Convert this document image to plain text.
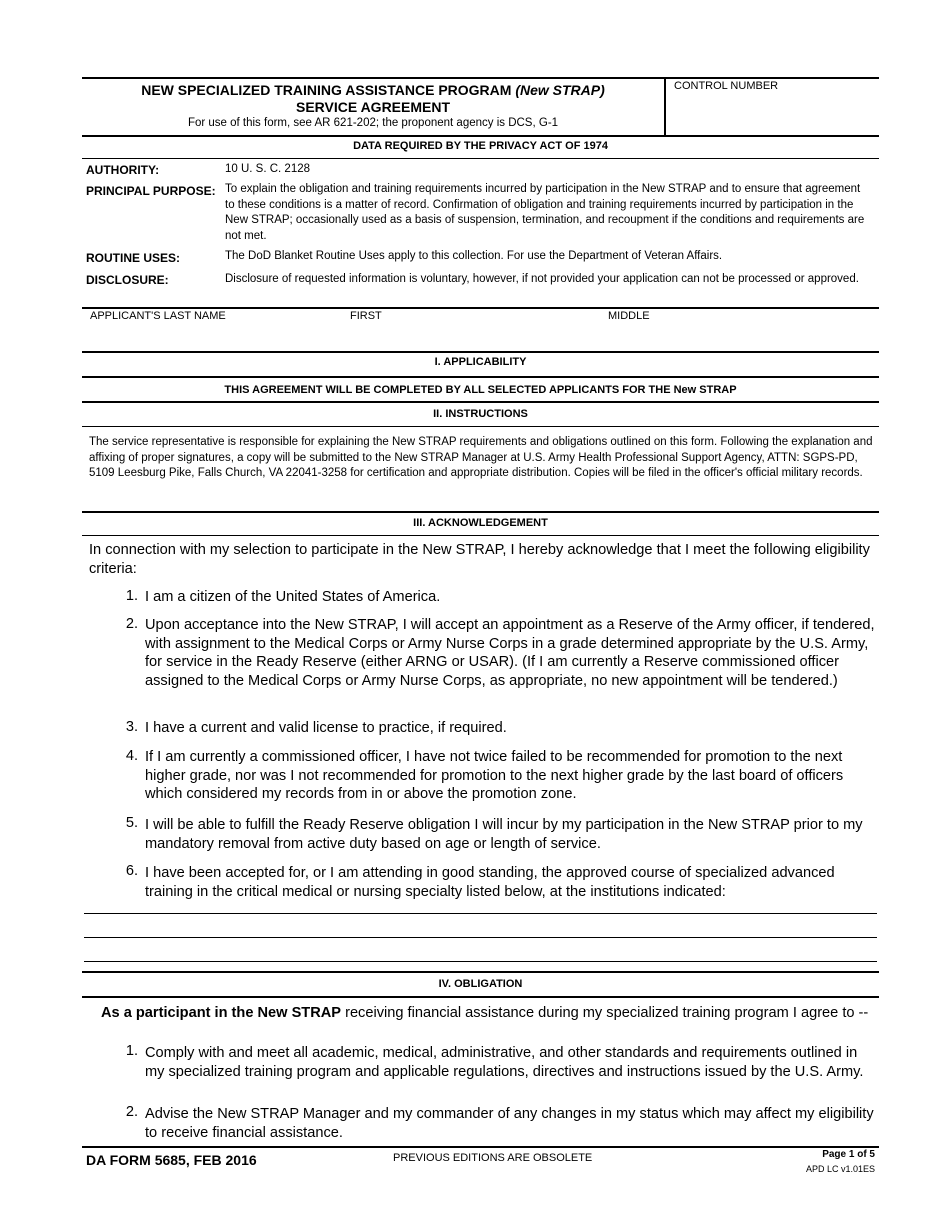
NEW SPECIALIZED TRAINING ASSISTANCE PROGRAM (New STRAP)
SERVICE AGREEMENT
For use of this form, see AR 621-202; the proponent agency is DCS, G-1
CONTROL NUMBER
DATA REQUIRED BY THE PRIVACY ACT OF 1974
AUTHORITY:	10 U. S. C. 2128
PRINCIPAL PURPOSE: To explain the obligation and training requirements incurred by participation in the New STRAP and to ensure that agreement to these conditions is a matter of record. Confirmation of obligation and training requirements incurred by participation in the New STRAP; occasionally used as a basis of suspension, termination, and recoupment if the conditions and requirements are not met.
ROUTINE USES:	The DoD Blanket Routine Uses apply to this collection. For use the Department of Veteran Affairs.
DISCLOSURE:	Disclosure of requested information is voluntary, however, if not provided your application can not be processed or approved.
APPLICANT'S LAST NAME	FIRST	MIDDLE
I. APPLICABILITY
THIS AGREEMENT WILL BE COMPLETED BY ALL SELECTED APPLICANTS FOR THE New STRAP
II. INSTRUCTIONS
The service representative is responsible for explaining the New STRAP requirements and obligations outlined on this form. Following the explanation and affixing of proper signatures, a copy will be submitted to the New STRAP Manager at U.S. Army Health Professional Support Agency, ATTN: SGPS-PD, 5109 Leesburg Pike, Falls Church, VA 22041-3258 for certification and appropriate distribution. Copies will be filed in the officer's official military records.
III. ACKNOWLEDGEMENT
In connection with my selection to participate in the New STRAP, I hereby acknowledge that I meet the following eligibility criteria:
1. I am a citizen of the United States of America.
2. Upon acceptance into the New STRAP, I will accept an appointment as a Reserve of the Army officer, if tendered, with assignment to the Medical Corps or Army Nurse Corps in a grade determined appropriate by the U.S. Army, for service in the Ready Reserve (either ARNG or USAR). (If I am currently a Reserve commissioned officer assigned to the Medical Corps or Army Nurse Corps, as appropriate, no new appointment will be tendered.)
3. I have a current and valid license to practice, if required.
4. If I am currently a commissioned officer, I have not twice failed to be recommended for promotion to the next higher grade, nor was I not recommended for promotion to the next higher grade by the last board of officers which considered my records from in or above the promotion zone.
5. I will be able to fulfill the Ready Reserve obligation I will incur by my participation in the New STRAP prior to my mandatory removal from active duty based on age or length of service.
6. I have been accepted for, or I am attending in good standing, the approved course of specialized advanced training in the critical medical or nursing specialty listed below, at the institutions indicated:
IV. OBLIGATION
As a participant in the New STRAP receiving financial assistance during my specialized training program I agree to --
1. Comply with and meet all academic, medical, administrative, and other standards and requirements outlined in my specialized training program and applicable regulations, directives and instructions issued by the U.S. Army.
2. Advise the New STRAP Manager and my commander of any changes in my status which may affect my eligibility to receive financial assistance.
DA FORM 5685, FEB 2016	PREVIOUS EDITIONS ARE OBSOLETE	Page 1 of 5
APD LC v1.01ES
